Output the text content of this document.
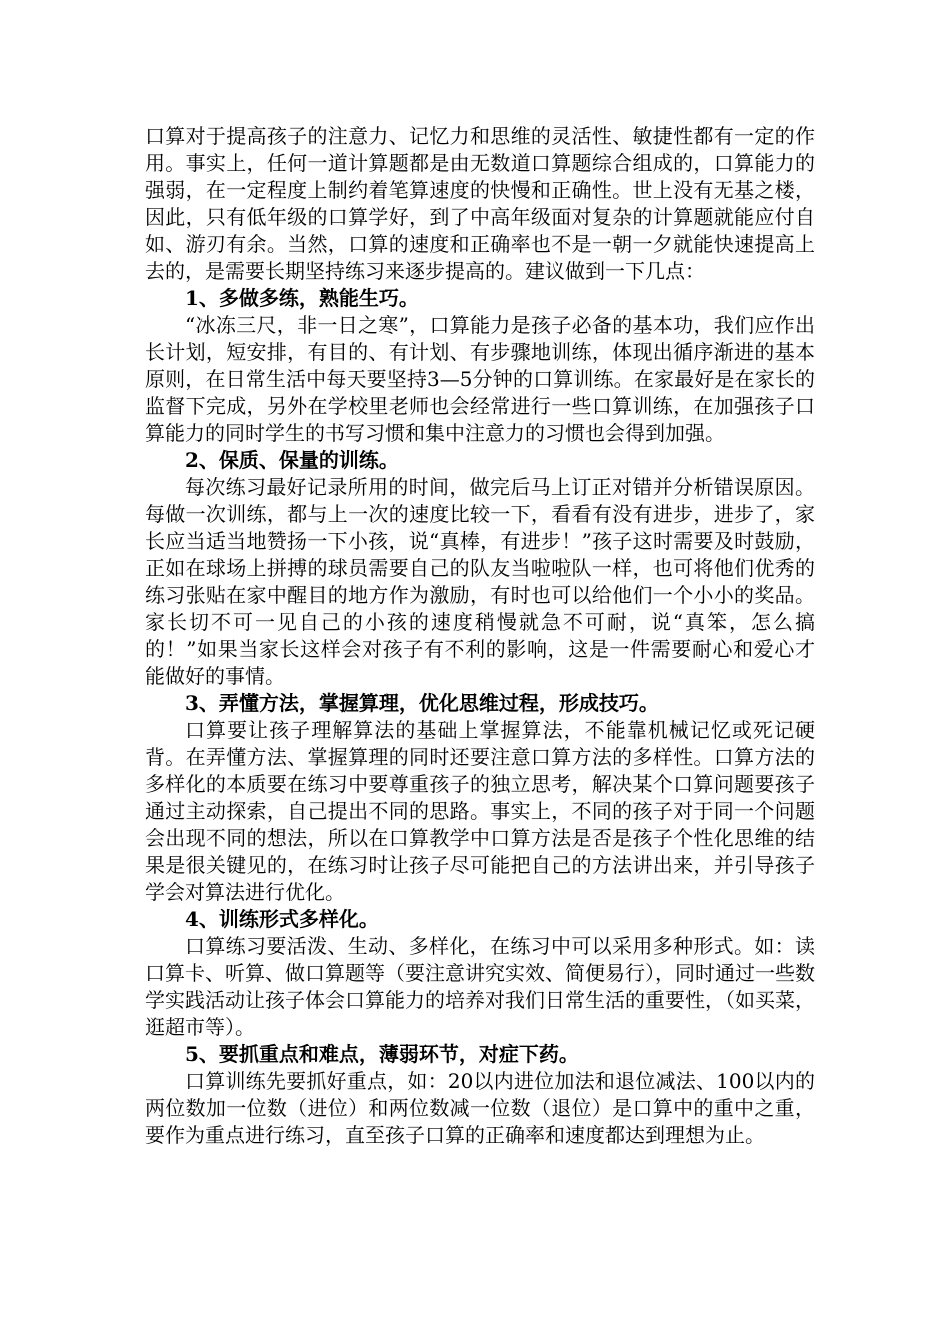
口算对于提高孩子的注意力、记忆力和思维的灵活性、敏捷性都有一定的作用。事实上，任何一道计算题都是由无数道口算题综合组成的，口算能力的强弱，在一定程度上制约着笔算速度的快慢和正确性。世上没有无基之楼，因此，只有低年级的口算学好，到了中高年级面对复杂的计算题就能应付自如、游刃有余。当然，口算的速度和正确率也不是一朝一夕就能快速提高上去的，是需要长期坚持练习来逐步提高的。建议做到一下几点：

1、多做多练，熟能生巧。

“冰冻三尺，非一日之寒”，口算能力是孩子必备的基本功，我们应作出长计划，短安排，有目的、有计划、有步骤地训练，体现出循序渐进的基本原则，在日常生活中每天要坚持3—5分钟的口算训练。在家最好是在家长的监督下完成，另外在学校里老师也会经常进行一些口算训练，在加强孩子口算能力的同时学生的书写习惯和集中注意力的习惯也会得到加强。

2、保质、保量的训练。

每次练习最好记录所用的时间，做完后马上订正对错并分析错误原因。每做一次训练，都与上一次的速度比较一下，看看有没有进步，进步了，家长应当适当地赞扬一下小孩，说“真棒，有进步！”孩子这时需要及时鼓励，正如在球场上拼搏的球员需要自己的队友当啦啦队一样，也可将他们优秀的练习张贴在家中醒目的地方作为激励，有时也可以给他们一个小小的奖品。家长切不可一见自己的小孩的速度稍慢就急不可耐，说“真笨，怎么搞的！”如果当家长这样会对孩子有不利的影响，这是一件需要耐心和爱心才能做好的事情。

3、弄懂方法，掌握算理，优化思维过程，形成技巧。

口算要让孩子理解算法的基础上掌握算法，不能靠机械记忆或死记硬背。在弄懂方法、掌握算理的同时还要注意口算方法的多样性。口算方法的多样化的本质要在练习中要尊重孩子的独立思考，解决某个口算问题要孩子通过主动探索，自己提出不同的思路。事实上，不同的孩子对于同一个问题会出现不同的想法，所以在口算教学中口算方法是否是孩子个性化思维的结果是很关键见的，在练习时让孩子尽可能把自己的方法讲出来，并引导孩子学会对算法进行优化。

4、训练形式多样化。

口算练习要活泼、生动、多样化，在练习中可以采用多种形式。如：读口算卡、听算、做口算题等（要注意讲究实效、简便易行），同时通过一些数学实践活动让孩子体会口算能力的培养对我们日常生活的重要性，（如买菜，逛超市等）。

5、要抓重点和难点，薄弱环节，对症下药。

口算训练先要抓好重点，如：20以内进位加法和退位减法、100以内的两位数加一位数（进位）和两位数减一位数（退位）是口算中的重中之重，要作为重点进行练习，直至孩子口算的正确率和速度都达到理想为止。
